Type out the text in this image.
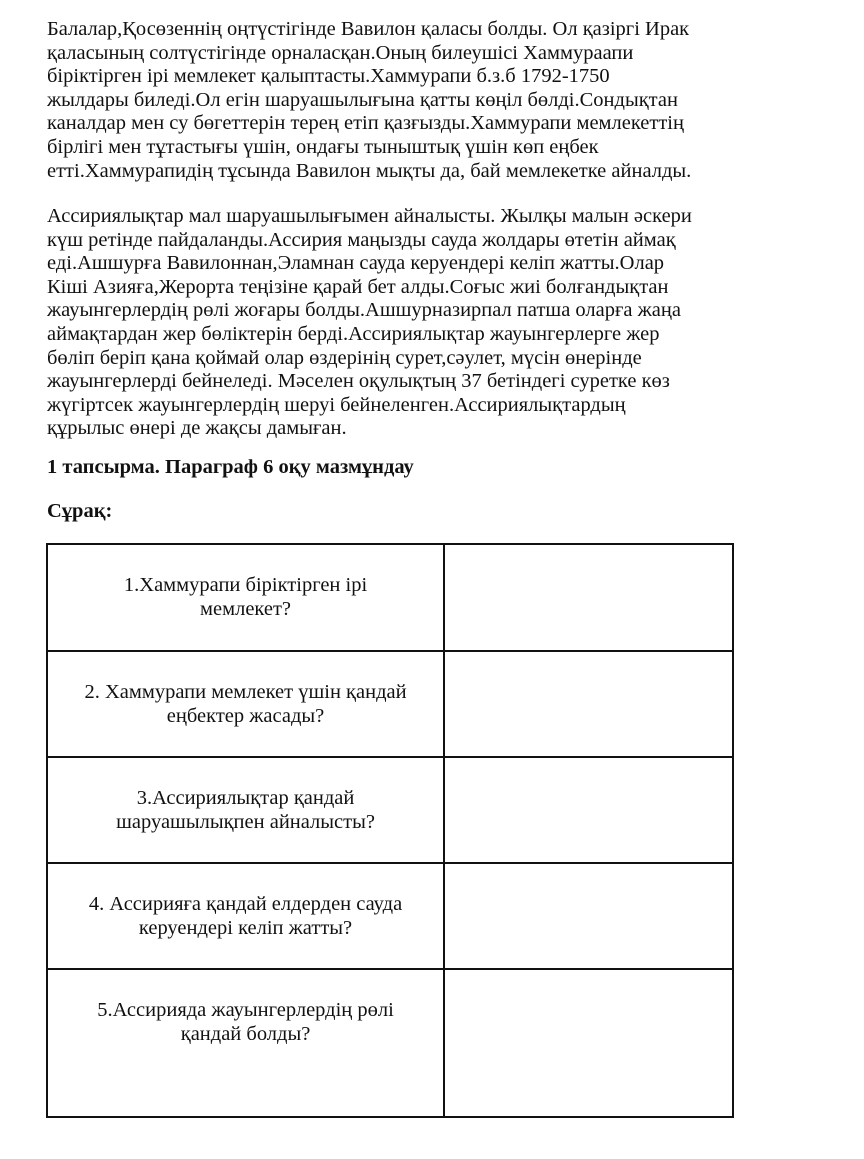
Балалар,Қосөзеннің оңтүстігінде Вавилон қаласы болды. Ол қазіргі Ирак
қаласының солтүстігінде орналасқан.Оның билеушісі Хаммураапи
біріктірген ірі мемлекет қалыптасты.Хаммурапи б.з.б 1792-1750
жылдары биледі.Ол егін шаруашылығына қатты көңіл бөлді.Сондықтан
каналдар мен су бөгеттерін терең етіп қазғызды.Хаммурапи мемлекеттің
бірлігі мен тұтастығы үшін, ондағы тыныштық үшін көп еңбек
етті.Хаммурапидің тұсында Вавилон мықты да, бай мемлекетке айналды.
Ассириялықтар мал шаруашылығымен айналысты. Жылқы малын әскери
күш ретінде пайдаланды.Ассирия маңызды сауда жолдары өтетін аймақ
еді.Ашшурға Вавилоннан,Эламнан сауда керуендері келіп жатты.Олар
Кіші Азияға,Жерорта теңізіне қарай бет алды.Соғыс жиі болғандықтан
жауынгерлердің рөлі жоғары болды.Ашшурназирпал патша оларға жаңа
аймақтардан жер бөліктерін берді.Ассириялықтар жауынгерлерге жер
бөліп беріп қана қоймай олар өздерінің сурет,сәулет, мүсін өнерінде
жауынгерлерді бейнеледі. Мәселен оқулықтың 37 бетіндегі суретке көз
жүгіртсек жауынгерлердің шеруі бейнеленген.Ассириялықтардың
құрылыс өнері де жақсы дамыған.
1 тапсырма. Параграф 6 оқу мазмұндау
Сұрақ:
1.Хаммурапи біріктірген ірі
мемлекет?	

2. Хаммурапи мемлекет үшін қандай
еңбектер жасады?	

3.Ассириялықтар қандай
шаруашылықпен айналысты?	

4. Ассирияға қандай елдерден сауда
керуендері келіп жатты?	

5.Ассирияда жауынгерлердің рөлі
қандай болды?	
